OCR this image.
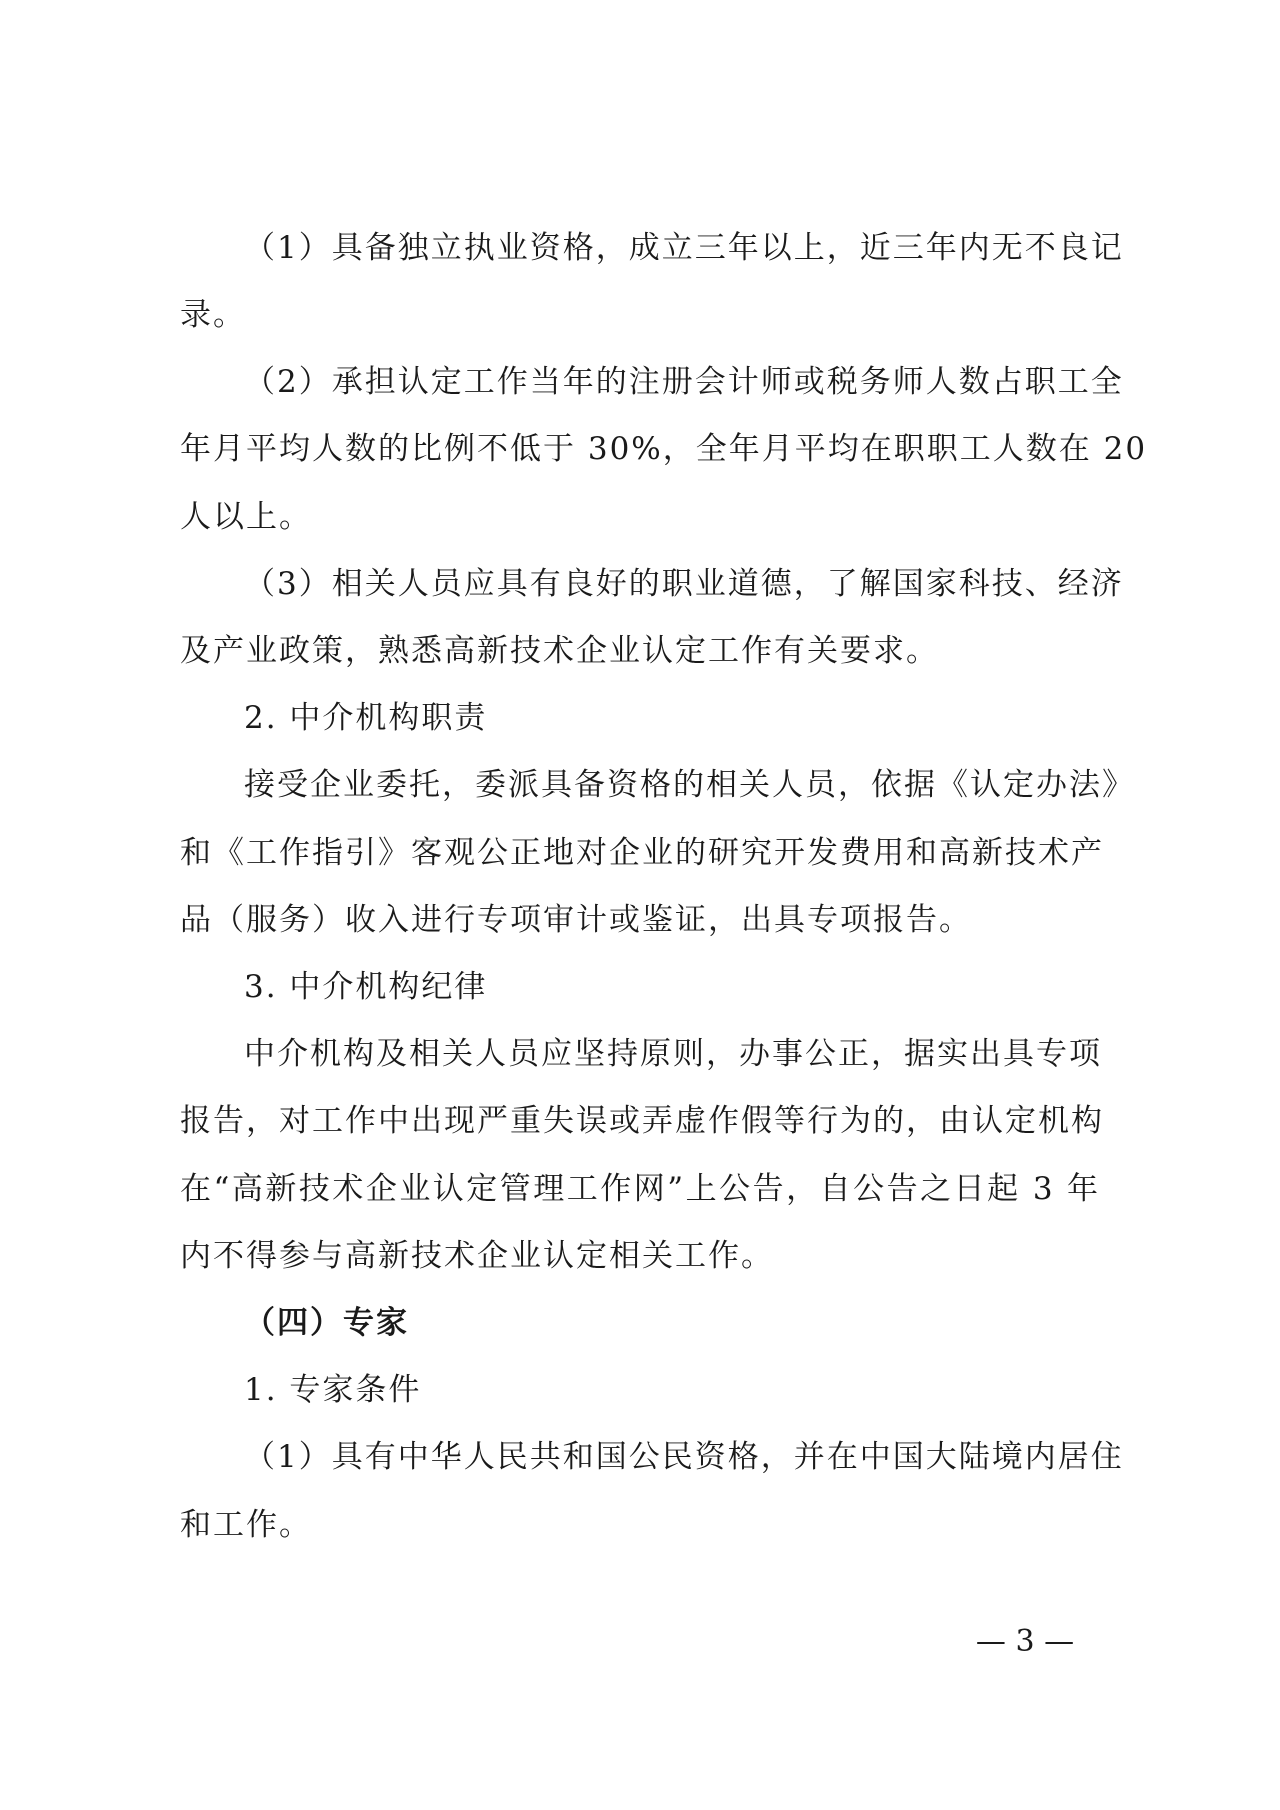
（1）具备独立执业资格，成立三年以上，近三年内无不良记
录。
（2）承担认定工作当年的注册会计师或税务师人数占职工全
年月平均人数的比例不低于 30%，全年月平均在职职工人数在 20
人以上。
（3）相关人员应具有良好的职业道德，了解国家科技、经济
及产业政策，熟悉高新技术企业认定工作有关要求。
2. 中介机构职责
接受企业委托，委派具备资格的相关人员，依据《认定办法》
和《工作指引》客观公正地对企业的研究开发费用和高新技术产
品（服务）收入进行专项审计或鉴证，出具专项报告。
3. 中介机构纪律
中介机构及相关人员应坚持原则，办事公正，据实出具专项
报告，对工作中出现严重失误或弄虚作假等行为的，由认定机构
在“高新技术企业认定管理工作网”上公告，自公告之日起 3 年
内不得参与高新技术企业认定相关工作。
（四）专家
1. 专家条件
（1）具有中华人民共和国公民资格，并在中国大陆境内居住
和工作。
— 3 —
